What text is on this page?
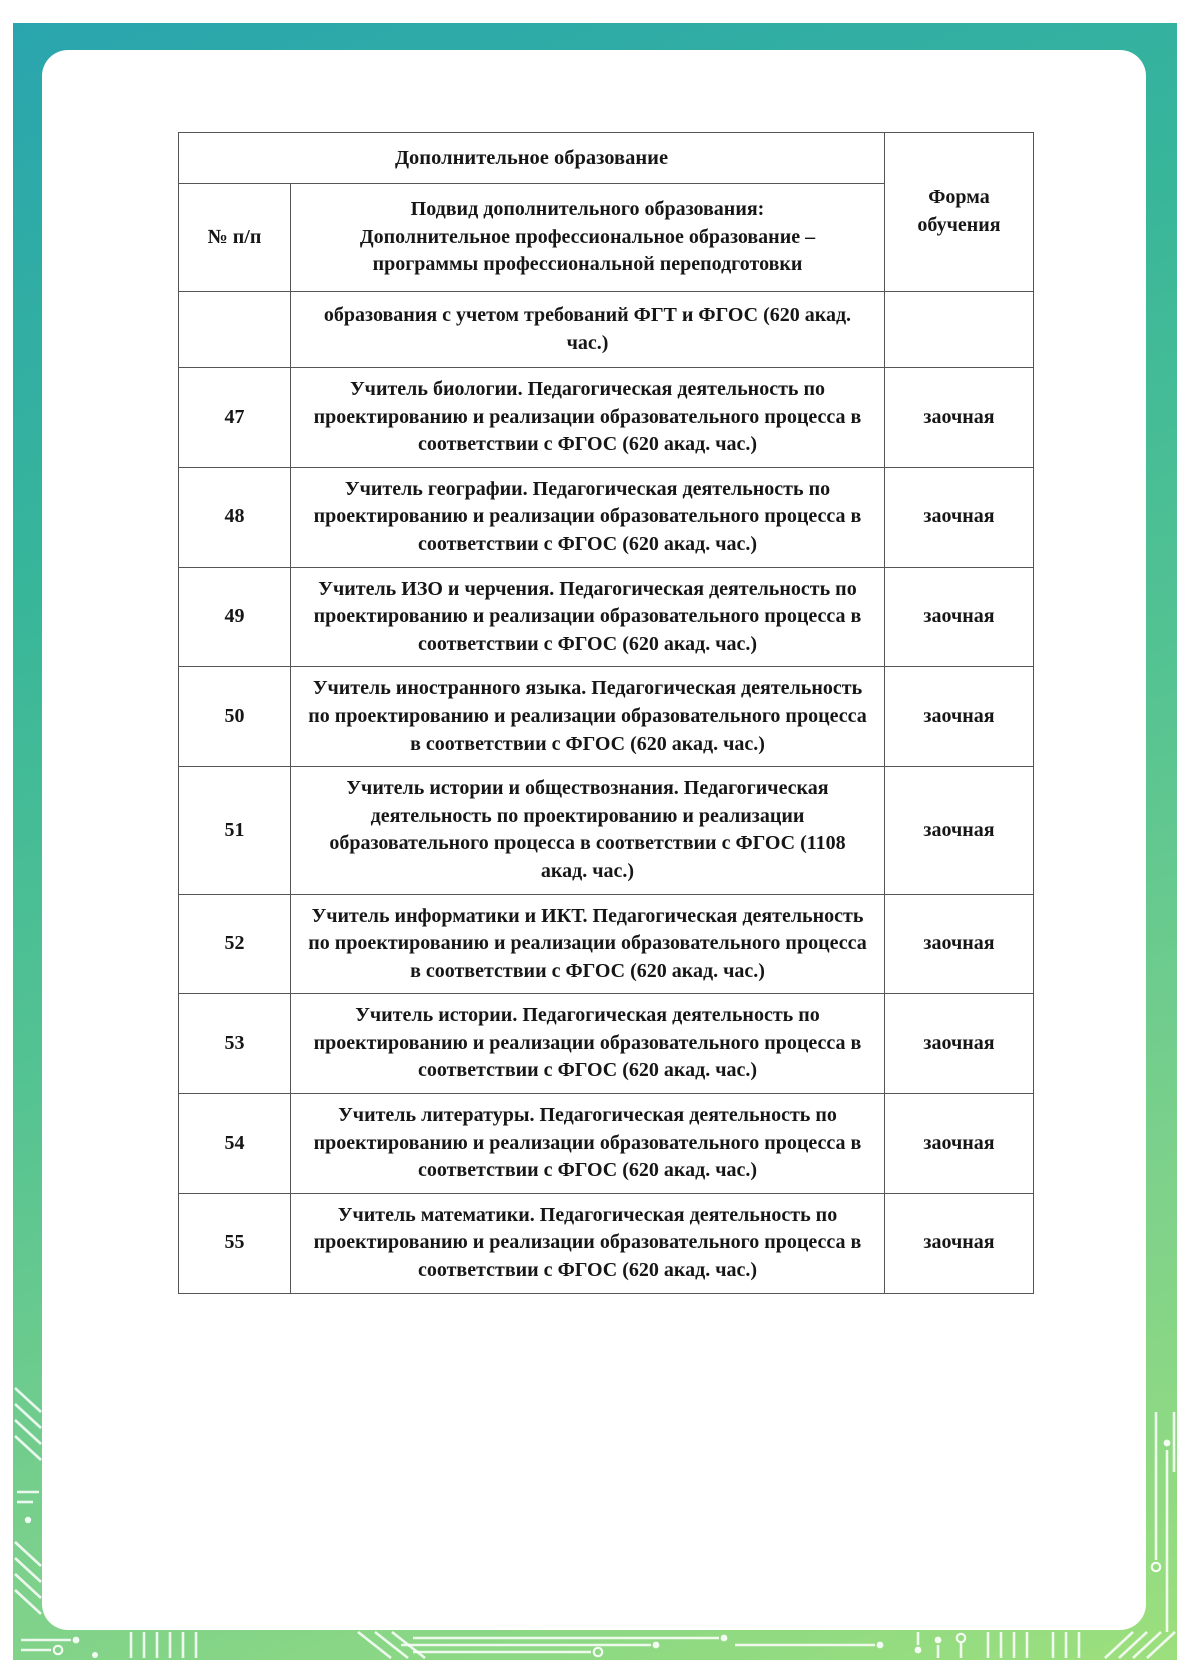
Дополнительное образование
Форма обучения
№ п/п
Подвид дополнительного образования:
Дополнительное профессиональное образование –
программы профессиональной переподготовки
образования с учетом требований ФГТ и ФГОС (620 акад. час.)
47
Учитель биологии. Педагогическая деятельность по проектированию и реализации образовательного процесса в соответствии с ФГОС (620 акад. час.)
заочная
48
Учитель географии. Педагогическая деятельность по проектированию и реализации образовательного процесса в соответствии с ФГОС (620 акад. час.)
заочная
49
Учитель ИЗО и черчения. Педагогическая деятельность по проектированию и реализации образовательного процесса в соответствии с ФГОС (620 акад. час.)
заочная
50
Учитель иностранного языка. Педагогическая деятельность по проектированию и реализации образовательного процесса в соответствии с ФГОС (620 акад. час.)
заочная
51
Учитель истории и обществознания. Педагогическая деятельность по проектированию и реализации образовательного процесса в соответствии с ФГОС (1108 акад. час.)
заочная
52
Учитель информатики и ИКТ. Педагогическая деятельность по проектированию и реализации образовательного процесса в соответствии с ФГОС (620 акад. час.)
заочная
53
Учитель истории. Педагогическая деятельность по проектированию и реализации образовательного процесса в соответствии с ФГОС (620 акад. час.)
заочная
54
Учитель литературы. Педагогическая деятельность по проектированию и реализации образовательного процесса в соответствии с ФГОС (620 акад. час.)
заочная
55
Учитель математики. Педагогическая деятельность по проектированию и реализации образовательного процесса в соответствии с ФГОС (620 акад. час.)
заочная
